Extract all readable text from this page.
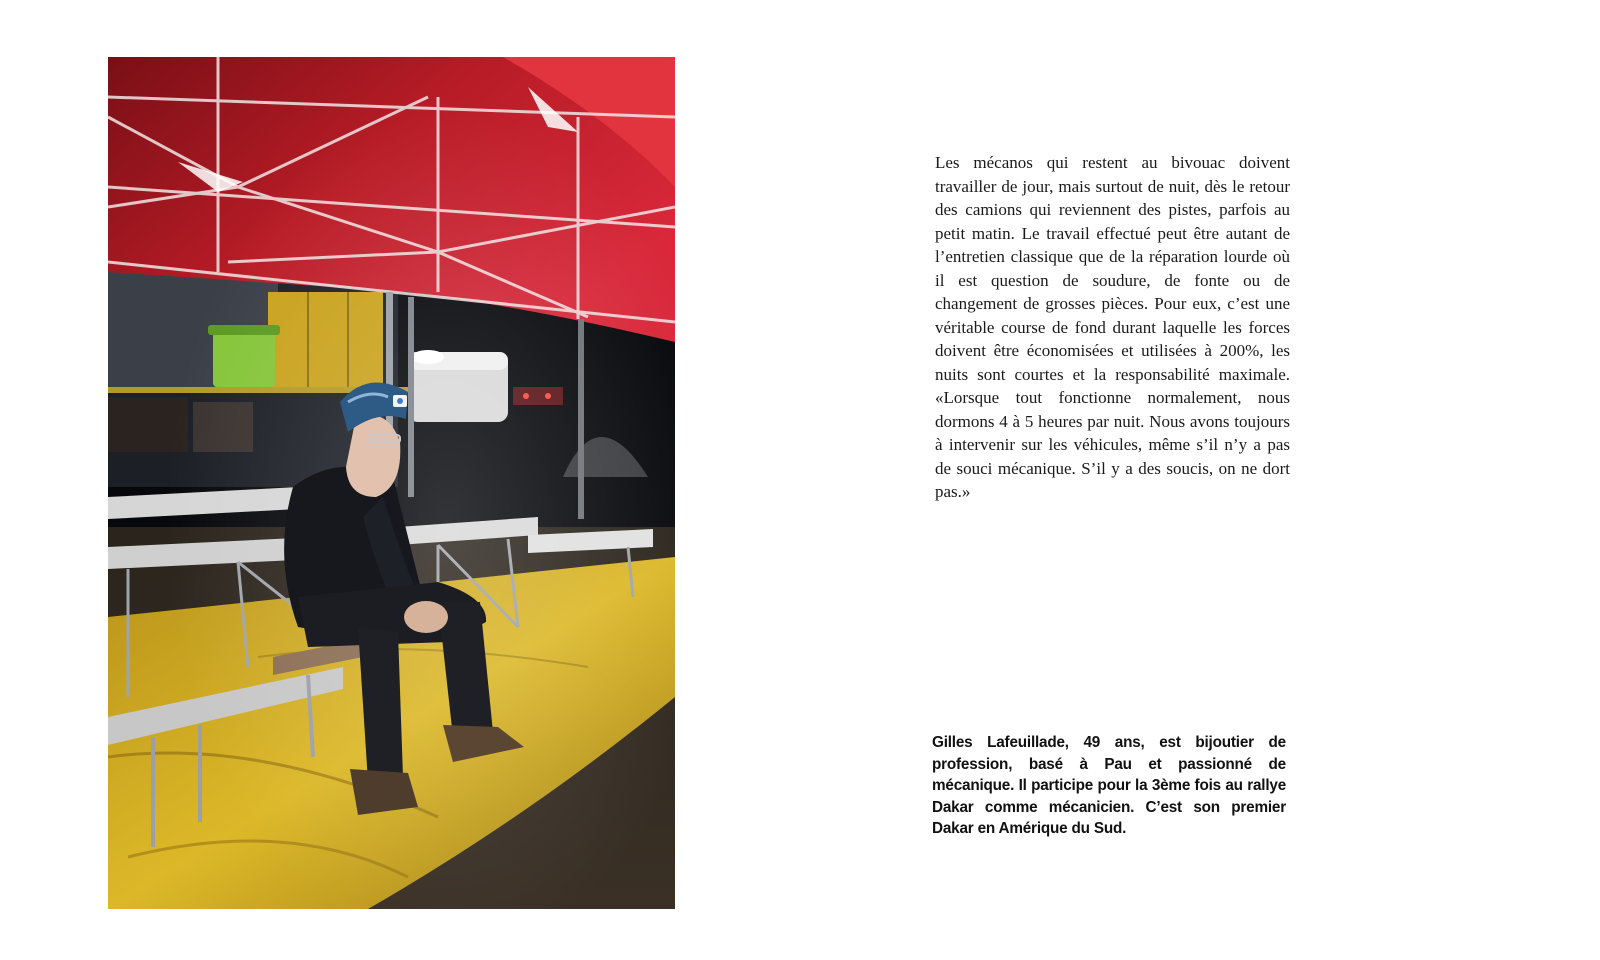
Les mécanos qui restent au bivouac doivent travailler de jour, mais surtout de nuit, dès le retour des camions qui reviennent des pistes, parfois au petit matin. Le travail effectué peut être autant de l’entretien classique que de la réparation lourde où il est question de soudure, de fonte ou de changement de grosses pièces. Pour eux, c’est une véritable course de fond durant laquelle les forces doivent être économisées et utilisées à 200%, les nuits sont courtes et la responsabilité maximale. «Lorsque tout fonctionne normalement, nous dormons 4 à 5 heures par nuit. Nous avons toujours à intervenir sur les véhicules, même s’il n’y a pas de souci mécanique. S’il y a des soucis, on ne dort pas.»

Gilles Lafeuillade, 49 ans, est bijoutier de profession, basé à Pau et passionné de mécanique. Il participe pour la 3ème fois au rallye Dakar comme mécanicien. C’est son premier Dakar en Amérique du Sud.
